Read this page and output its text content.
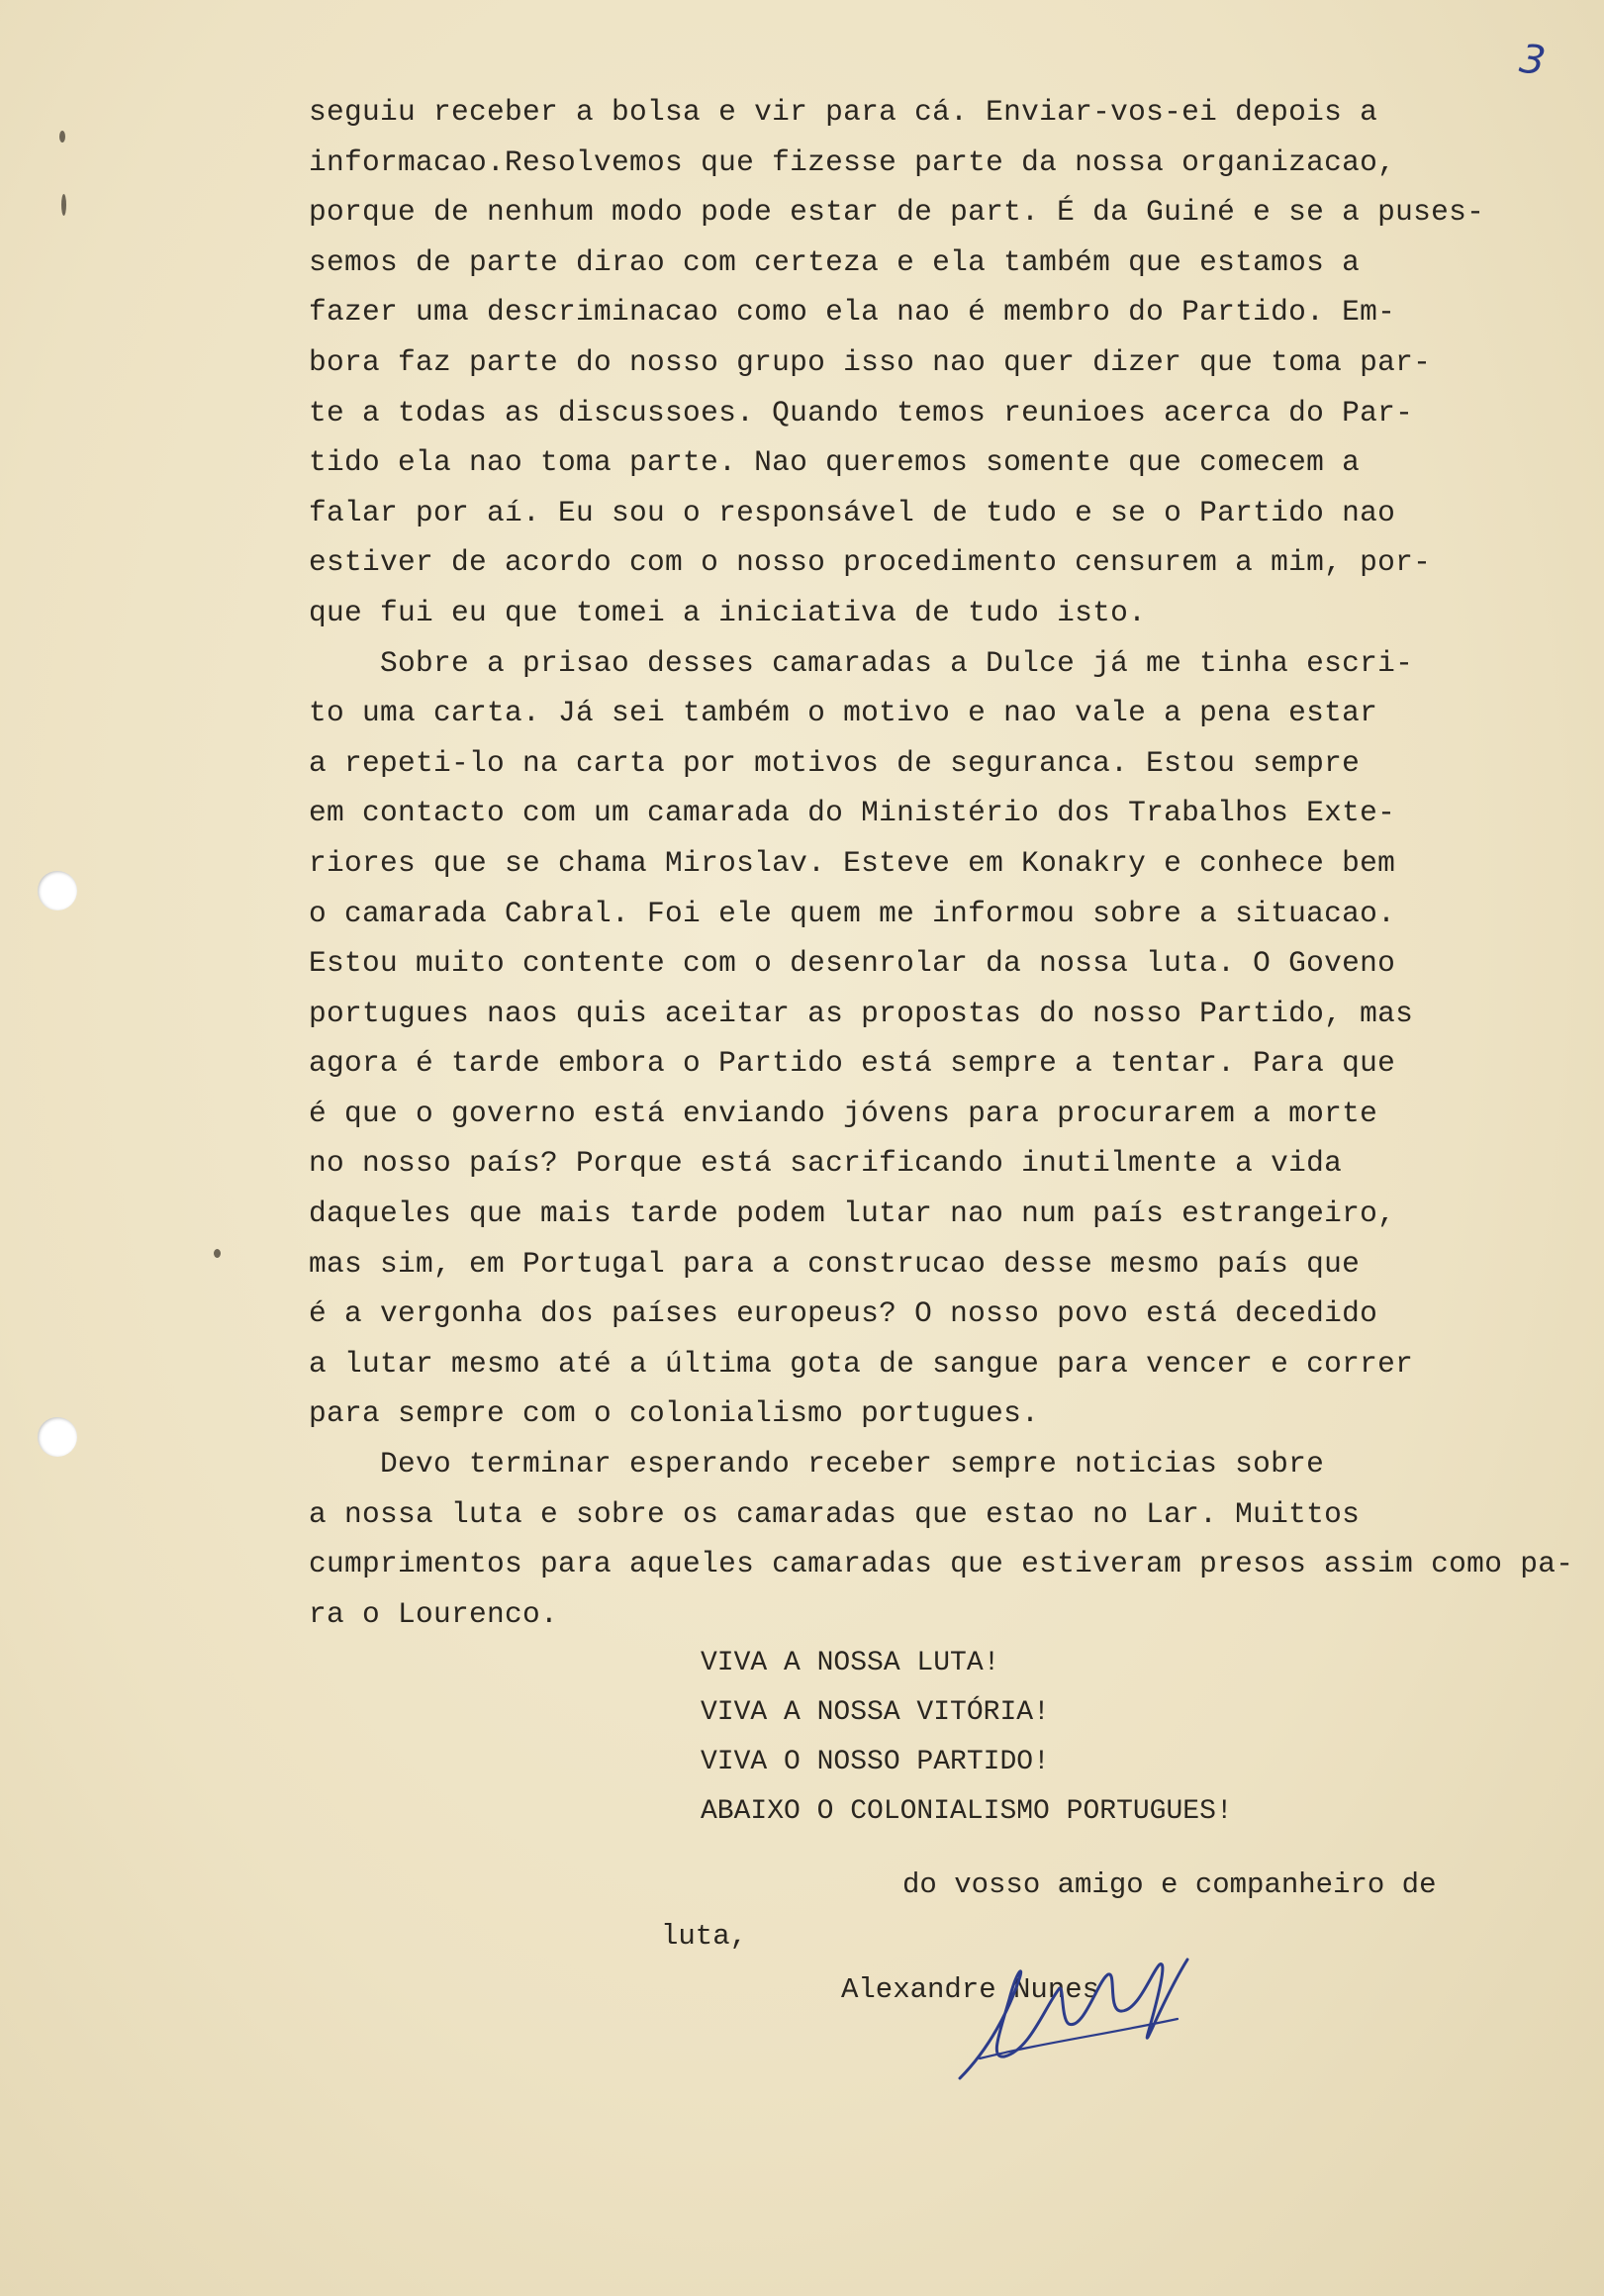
3
seguiu receber a bolsa e vir para cá. Enviar-vos-ei depois a
informacao.Resolvemos que fizesse parte da nossa organizacao,
porque de nenhum modo pode estar de part. É da Guiné e se a puses-
semos de parte dirao com certeza e ela também que estamos a
fazer uma descriminacao como ela nao é membro do Partido. Em-
bora faz parte do nosso grupo isso nao quer dizer que toma par-
te a todas as discussoes. Quando temos reunioes acerca do Par-
tido ela nao toma parte. Nao queremos somente que comecem a
falar por aí. Eu sou o responsável de tudo e se o Partido nao
estiver de acordo com o nosso procedimento censurem a mim, por-
que fui eu que tomei a iniciativa de tudo isto.
Sobre a prisao desses camaradas a Dulce já me tinha escri-
to uma carta. Já sei também o motivo e nao vale a pena estar
a repeti-lo na carta por motivos de seguranca. Estou sempre
em contacto com um camarada do Ministério dos Trabalhos Exte-
riores que se chama Miroslav. Esteve em Konakry e conhece bem
o camarada Cabral. Foi ele quem me informou sobre a situacao.
Estou muito contente com o desenrolar da nossa luta. O Goveno
portugues naos quis aceitar as propostas do nosso Partido, mas
agora é tarde embora o Partido está sempre a tentar. Para que
é que o governo está enviando jóvens para procurarem a morte
no nosso país? Porque está sacrificando inutilmente a vida
daqueles que mais tarde podem lutar nao num país estrangeiro,
mas sim, em Portugal para a construcao desse mesmo país que
é a vergonha dos países europeus? O nosso povo está decedido
a lutar mesmo até a última gota de sangue para vencer e correr
para sempre com o colonialismo portugues.
Devo terminar esperando receber sempre noticias sobre
a nossa luta e sobre os camaradas que estao no Lar. Muittos
cumprimentos para aqueles camaradas que estiveram presos assim como pa-
ra o Lourenco.
VIVA A NOSSA LUTA!
VIVA A NOSSA VITÓRIA!
VIVA O NOSSO PARTIDO!
ABAIXO O COLONIALISMO PORTUGUES!
do vosso amigo e companheiro de
luta,
Alexandre Nunes
